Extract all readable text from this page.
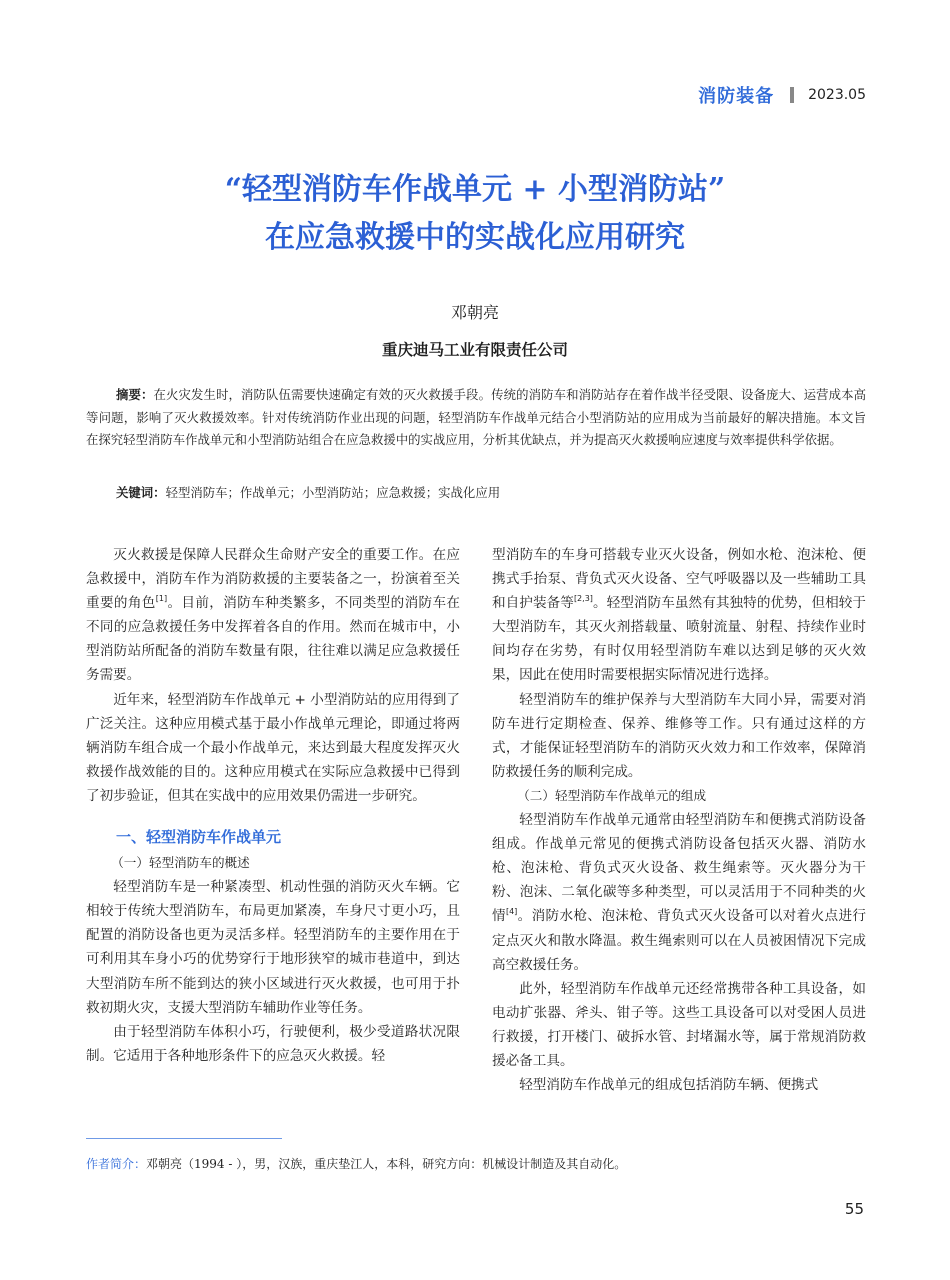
消防装备 2023.05
“轻型消防车作战单元 + 小型消防站”
在应急救援中的实战化应用研究
邓朝亮
重庆迪马工业有限责任公司

摘要：在火灾发生时，消防队伍需要快速确定有效的灭火救援手段。传统的消防车和消防站存在着作战半径受限、设备庞大、运营成本高等问题，影响了灭火救援效率。针对传统消防作业出现的问题，轻型消防车作战单元结合小型消防站的应用成为当前最好的解决措施。本文旨在探究轻型消防车作战单元和小型消防站组合在应急救援中的实战应用，分析其优缺点，并为提高灭火救援响应速度与效率提供科学依据。

关键词：轻型消防车；作战单元；小型消防站；应急救援；实战化应用

灭火救援是保障人民群众生命财产安全的重要工作。在应急救援中，消防车作为消防救援的主要装备之一，扮演着至关重要的角色[1]。目前，消防车种类繁多，不同类型的消防车在不同的应急救援任务中发挥着各自的作用。然而在城市中，小型消防站所配备的消防车数量有限，往往难以满足应急救援任务需要。

近年来，轻型消防车作战单元 + 小型消防站的应用得到了广泛关注。这种应用模式基于最小作战单元理论，即通过将两辆消防车组合成一个最小作战单元，来达到最大程度发挥灭火救援作战效能的目的。这种应用模式在实际应急救援中已得到了初步验证，但其在实战中的应用效果仍需进一步研究。

一、轻型消防车作战单元

（一）轻型消防车的概述

轻型消防车是一种紧凑型、机动性强的消防灭火车辆。它相较于传统大型消防车，布局更加紧凑，车身尺寸更小巧，且配置的消防设备也更为灵活多样。轻型消防车的主要作用在于可利用其车身小巧的优势穿行于地形狭窄的城市巷道中，到达大型消防车所不能到达的狭小区域进行灭火救援，也可用于扑救初期火灾，支援大型消防车辅助作业等任务。

由于轻型消防车体积小巧，行驶便利，极少受道路状况限制。它适用于各种地形条件下的应急灭火救援。轻

型消防车的车身可搭载专业灭火设备，例如水枪、泡沫枪、便携式手抬泵、背负式灭火设备、空气呼吸器以及一些辅助工具和自护装备等[2,3]。轻型消防车虽然有其独特的优势，但相较于大型消防车，其灭火剂搭载量、喷射流量、射程、持续作业时间均存在劣势，有时仅用轻型消防车难以达到足够的灭火效果，因此在使用时需要根据实际情况进行选择。

轻型消防车的维护保养与大型消防车大同小异，需要对消防车进行定期检查、保养、维修等工作。只有通过这样的方式，才能保证轻型消防车的消防灭火效力和工作效率，保障消防救援任务的顺利完成。

（二）轻型消防车作战单元的组成

轻型消防车作战单元通常由轻型消防车和便携式消防设备组成。作战单元常见的便携式消防设备包括灭火器、消防水枪、泡沫枪、背负式灭火设备、救生绳索等。灭火器分为干粉、泡沫、二氧化碳等多种类型，可以灵活用于不同种类的火情[4]。消防水枪、泡沫枪、背负式灭火设备可以对着火点进行定点灭火和散水降温。救生绳索则可以在人员被困情况下完成高空救援任务。

此外，轻型消防车作战单元还经常携带各种工具设备，如电动扩张器、斧头、钳子等。这些工具设备可以对受困人员进行救援，打开楼门、破拆水管、封堵漏水等，属于常规消防救援必备工具。

轻型消防车作战单元的组成包括消防车辆、便携式

作者简介：邓朝亮（1994 - ），男，汉族，重庆垫江人，本科，研究方向：机械设计制造及其自动化。
55
